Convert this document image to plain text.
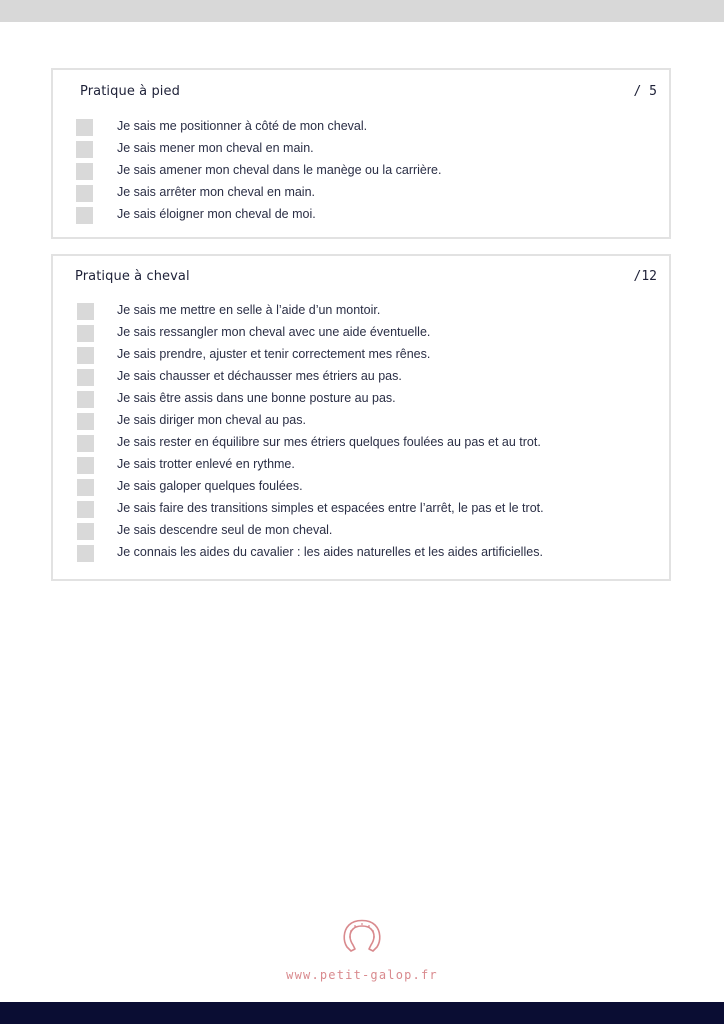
Pratique à pied	/ 5
Je sais me positionner à côté de mon cheval.
Je sais mener mon cheval en main.
Je sais amener mon cheval dans le manège ou la carrière.
Je sais arrêter mon cheval en main.
Je sais éloigner mon cheval de moi.
Pratique à cheval	/12
Je sais me mettre en selle à l’aide d’un montoir.
Je sais ressangler mon cheval avec une aide éventuelle.
Je sais prendre, ajuster et tenir correctement mes rênes.
Je sais chausser et déchausser mes étriers au pas.
Je sais être assis dans une bonne posture au pas.
Je sais diriger mon cheval au pas.
Je sais rester en équilibre sur mes étriers quelques foulées au pas et au trot.
Je sais trotter enlevé en rythme.
Je sais galoper quelques foulées.
Je sais faire des transitions simples et espacées entre l’arrêt, le pas et le trot.
Je sais descendre seul de mon cheval.
Je connais les aides du cavalier : les aides naturelles et les aides artificielles.
www.petit-galop.fr
